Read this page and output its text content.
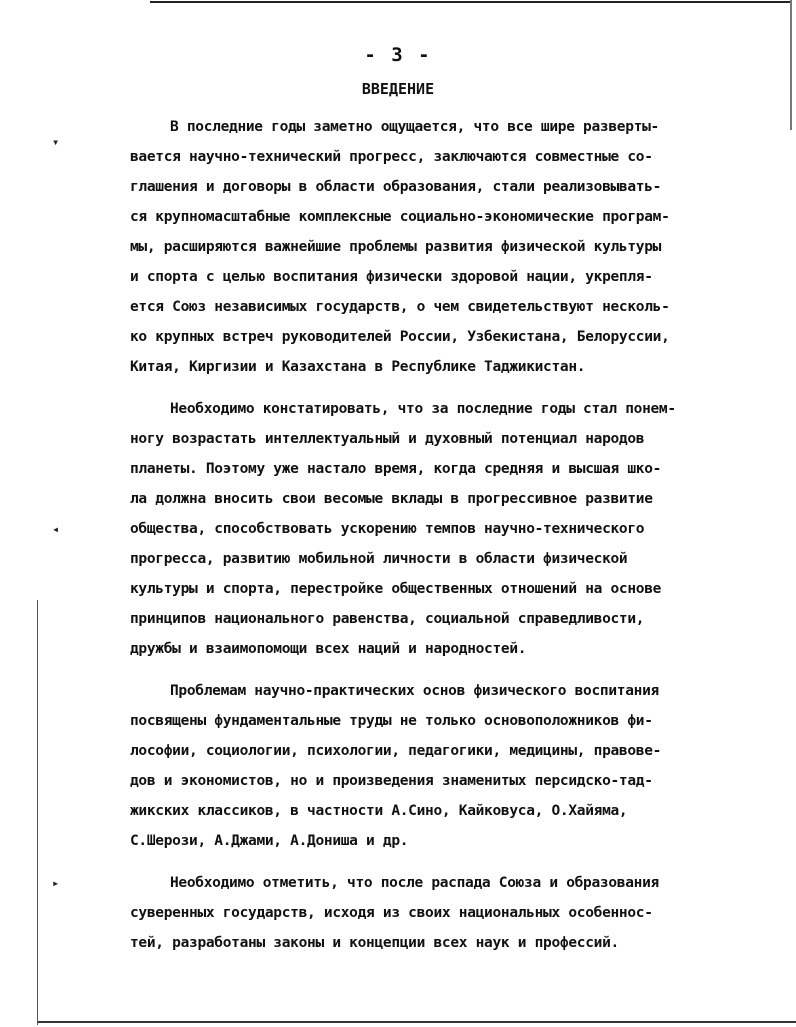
▾
◂
▸
- 3 -
ВВЕДЕНИЕ
В последние годы заметно ощущается, что все шире разверты-
вается научно-технический прогресс, заключаются совместные со-
глашения и договоры в области образования, стали реализовывать-
ся крупномасштабные комплексные социально-экономические програм-
мы, расширяются важнейшие проблемы развития физической культуры
и спорта с целью воспитания физически здоровой нации, укрепля-
ется Союз независимых государств, о чем свидетельствуют несколь-
ко крупных встреч руководителей России, Узбекистана, Белоруссии,
Китая, Киргизии и Казахстана в Республике Таджикистан.
Необходимо констатировать, что за последние годы стал понем-
ногу возрастать интеллектуальный и духовный потенциал народов
планеты. Поэтому уже настало время, когда средняя и высшая шко-
ла должна вносить свои весомые вклады в прогрессивное развитие
общества, способствовать ускорению темпов научно-технического
прогресса, развитию мобильной личности в области физической
культуры и спорта, перестройке общественных отношений на основе
принципов национального равенства, социальной справедливости,
дружбы и взаимопомощи всех наций и народностей.
Проблемам научно-практических основ физического воспитания
посвящены фундаментальные труды не только основоположников фи-
лософии, социологии, психологии, педагогики, медицины, правове-
дов и экономистов, но и произведения знаменитых персидско-тад-
жикских классиков, в частности А.Сино, Кайковуса, О.Хайяма,
С.Шерози, А.Джами, А.Дониша и др.
Необходимо отметить, что после распада Союза и образования
суверенных государств, исходя из своих национальных особеннос-
тей, разработаны законы и концепции всех наук и профессий.
